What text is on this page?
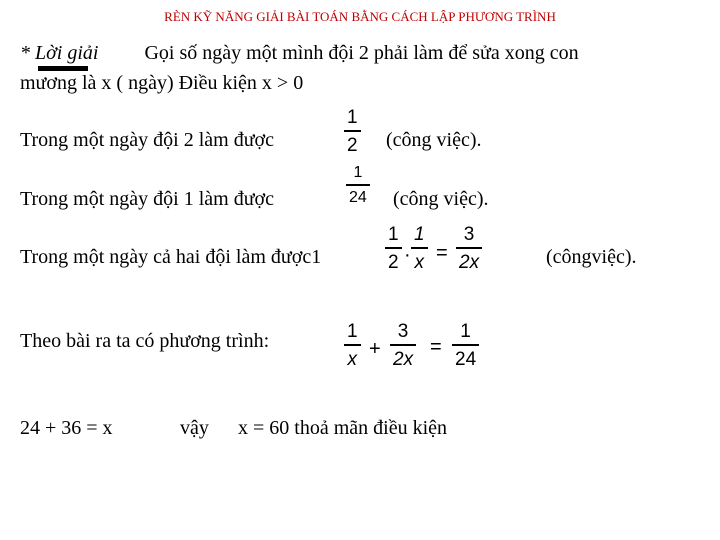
RÈN KỸ NĂNG GIẢI BÀI TOÁN BẰNG CÁCH LẬP PHƯƠNG TRÌNH
* Lời giải Gọi số ngày một mình đội 2 phải làm để sửa xong con
mương là x ( ngày) Điều kiện x > 0
Trong một ngày đội 2 làm được
1
2 (công việc).
Trong một ngày đội 1 làm được
1
24 (công việc).
Trong một ngày cả hai đội làm được1
1
2 ·
1
x =
3
2x	(côngviệc).
Theo bài ra ta có phương trình:	1
x +
3
2x
=
1
24
24 + 36 = x	vậy x = 60 thoả mãn điều kiện
